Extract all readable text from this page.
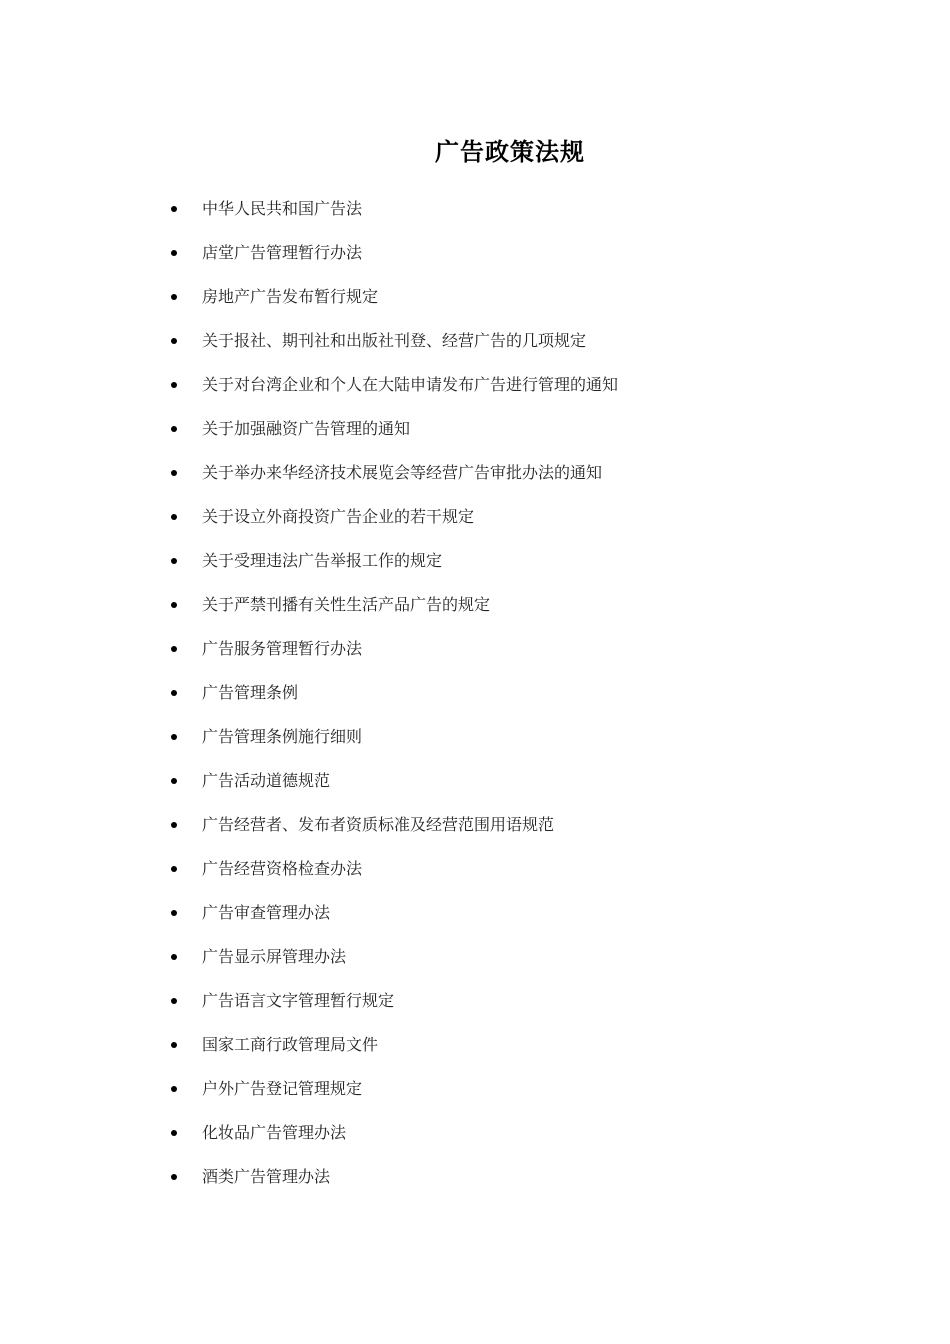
广告政策法规
中华人民共和国广告法
店堂广告管理暂行办法
房地产广告发布暂行规定
关于报社、期刊社和出版社刊登、经营广告的几项规定
关于对台湾企业和个人在大陆申请发布广告进行管理的通知
关于加强融资广告管理的通知
关于举办来华经济技术展览会等经营广告审批办法的通知
关于设立外商投资广告企业的若干规定
关于受理违法广告举报工作的规定
关于严禁刊播有关性生活产品广告的规定
广告服务管理暂行办法
广告管理条例
广告管理条例施行细则
广告活动道德规范
广告经营者、发布者资质标准及经营范围用语规范
广告经营资格检查办法
广告审查管理办法
广告显示屏管理办法
广告语言文字管理暂行规定
国家工商行政管理局文件
户外广告登记管理规定
化妆品广告管理办法
酒类广告管理办法
